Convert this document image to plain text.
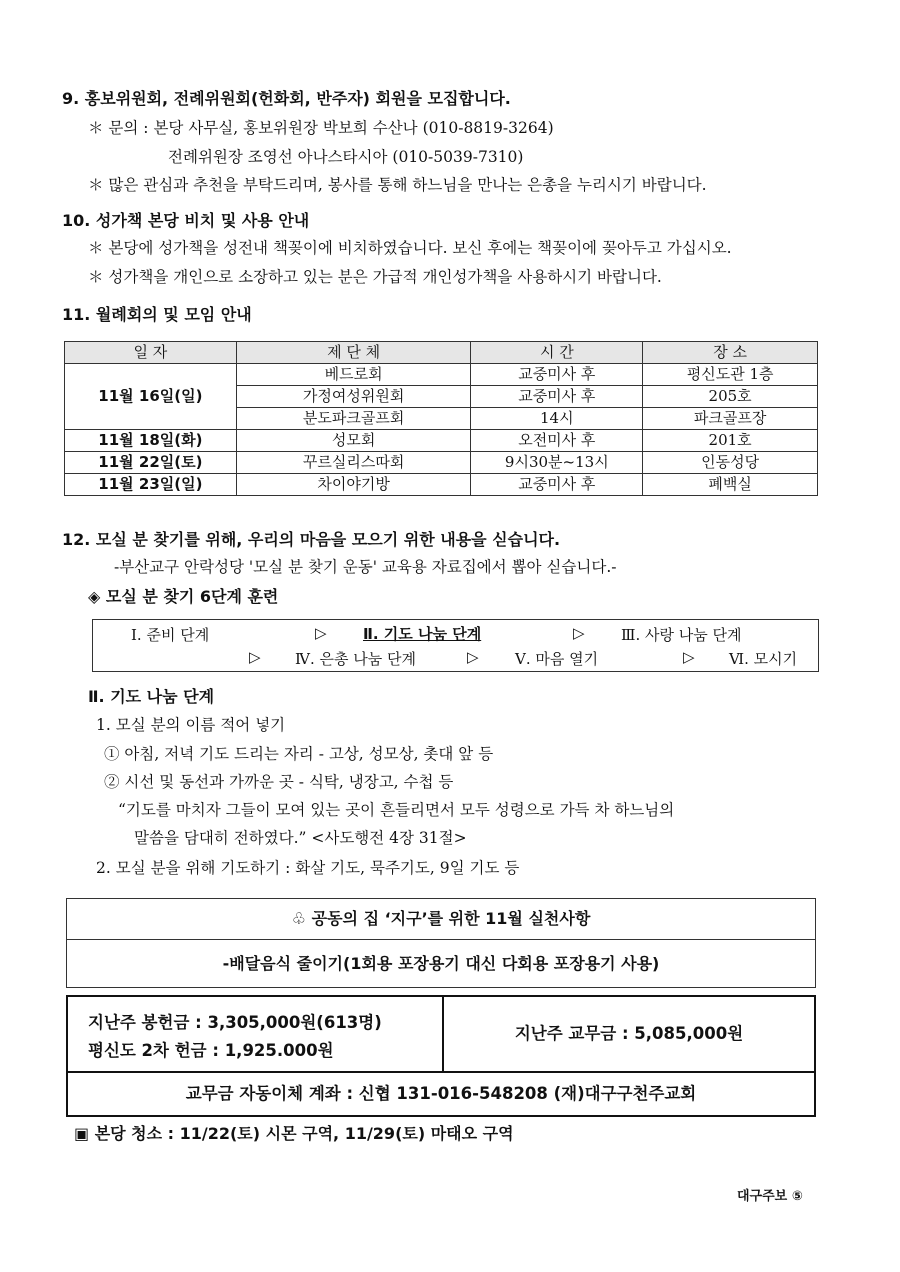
9. 홍보위원회, 전례위원회(헌화회, 반주자) 회원을 모집합니다.
＊ 문의 : 본당 사무실, 홍보위원장 박보희 수산나 (010-8819-3264)
전례위원장 조영선 아나스타시아 (010-5039-7310)
＊ 많은 관심과 추천을 부탁드리며, 봉사를 통해 하느님을 만나는 은총을 누리시기 바랍니다.
10. 성가책 본당 비치 및 사용 안내
＊ 본당에 성가책을 성전내 책꽂이에 비치하였습니다. 보신 후에는 책꽂이에 꽂아두고 가십시오.
＊ 성가책을 개인으로 소장하고 있는 분은 가급적 개인성가책을 사용하시기 바랍니다.
11. 월례회의 및 모임 안내
일 자	제 단 체	시 간	장 소
11월 16일(일)	베드로회	교중미사 후	평신도관 1층
	가정여성위원회	교중미사 후	205호
	분도파크골프회	14시	파크골프장
11월 18일(화)	성모회	오전미사 후	201호
11월 22일(토)	꾸르실리스따회	9시30분~13시	인동성당
11월 23일(일)	차이야기방	교중미사 후	폐백실
12. 모실 분 찾기를 위해, 우리의 마음을 모으기 위한 내용을 싣습니다.
-부산교구 안락성당 '모실 분 찾기 운동' 교육용 자료집에서 뽑아 싣습니다.-
◈ 모실 분 찾기 6단계 훈련
Ⅰ. 준비 단계	▷ Ⅱ. 기도 나눔 단계	▷ Ⅲ. 사랑 나눔 단계
▷ Ⅳ. 은총 나눔 단계	▷ Ⅴ. 마음 열기	▷ Ⅵ. 모시기
Ⅱ. 기도 나눔 단계
1. 모실 분의 이름 적어 넣기
① 아침, 저녁 기도 드리는 자리 - 고상, 성모상, 촛대 앞 등
② 시선 및 동선과 가까운 곳 - 식탁, 냉장고, 수첩 등
“기도를 마치자 그들이 모여 있는 곳이 흔들리면서 모두 성령으로 가득 차 하느님의
말씀을 담대히 전하였다.” <사도행전 4장 31절>
2. 모실 분을 위해 기도하기 : 화살 기도, 묵주기도, 9일 기도 등
♧ 공동의 집 ‘지구’를 위한 11월 실천사항
-배달음식 줄이기(1회용 포장용기 대신 다회용 포장용기 사용)
지난주 봉헌금 : 3,305,000원(613명)
평신도 2차 헌금 : 1,925.000원
지난주 교무금 : 5,085,000원
교무금 자동이체 계좌 : 신협 131-016-548208 (재)대구구천주교회
▣ 본당 청소 : 11/22(토) 시몬 구역, 11/29(토) 마태오 구역
대구주보 ⑤
